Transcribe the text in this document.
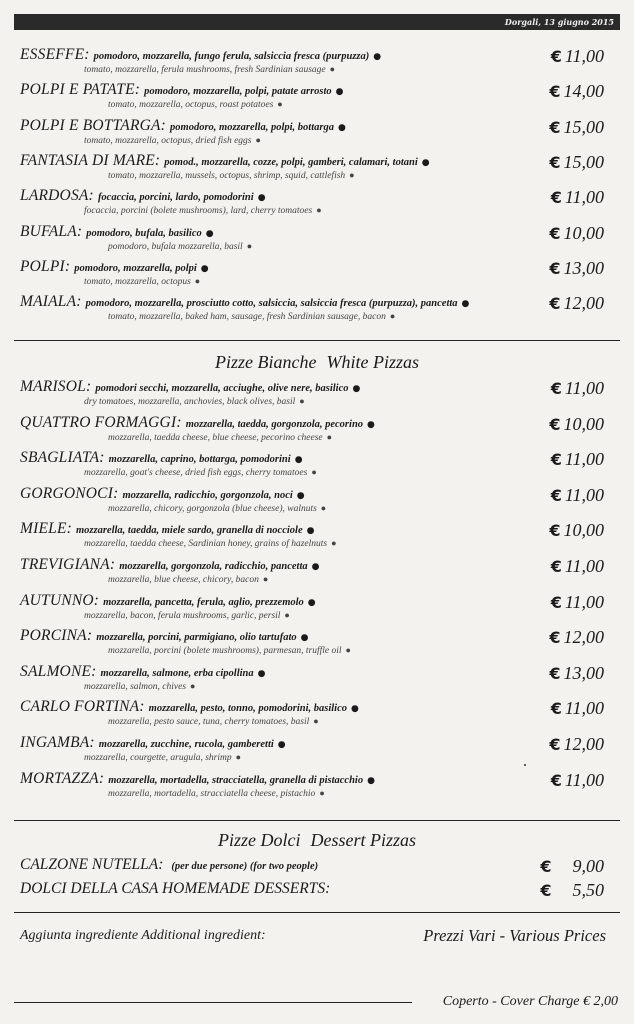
Dorgali, 13 giugno 2015
ESSEFFE: pomodoro, mozzarella, fungo ferula, salsiccia fresca (purpuzza) ●
tomato, mozzarella, ferula mushrooms, fresh Sardinian sausage ●
€ 11,00
POLPI E PATATE: pomodoro, mozzarella, polpi, patate arrosto ●
tomato, mozzarella, octopus, roast potatoes ●
€ 14,00
POLPI E BOTTARGA: pomodoro, mozzarella, polpi, bottarga ●
tomato, mozzarella, octopus, dried fish eggs ●
€ 15,00
FANTASIA DI MARE: pomod., mozzarella, cozze, polpi, gamberi, calamari, totani ●
tomato, mozzarella, mussels, octopus, shrimp, squid, cattlefish ●
€ 15,00
LARDOSA: focaccia, porcini, lardo, pomodorini ●
focaccia, porcini (bolete mushrooms), lard, cherry tomatoes ●
€ 11,00
BUFALA: pomodoro, bufala, basilico ●
pomodoro, bufala mozzarella, basil ●
€ 10,00
POLPI: pomodoro, mozzarella, polpi ●
tomato, mozzarella, octopus ●
€ 13,00
MAIALA: pomodoro, mozzarella, prosciutto cotto, salsiccia, salsiccia fresca (purpuzza), pancetta ●
tomato, mozzarella, baked ham, sausage, fresh Sardinian sausage, bacon ●
€ 12,00
Pizze Bianche White Pizzas
MARISOL: pomodori secchi, mozzarella, acciughe, olive nere, basilico ●
dry tomatoes, mozzarella, anchovies, black olives, basil ●
€ 11,00
QUATTRO FORMAGGI: mozzarella, taedda, gorgonzola, pecorino ●
mozzarella, taedda cheese, blue cheese, pecorino cheese ●
€ 10,00
SBAGLIATA: mozzarella, caprino, bottarga, pomodorini ●
mozzarella, goat's cheese, dried fish eggs, cherry tomatoes ●
€ 11,00
GORGONOCI: mozzarella, radicchio, gorgonzola, noci ●
mozzarella, chicory, gorgonzola (blue cheese), walnuts ●
€ 11,00
MIELE: mozzarella, taedda, miele sardo, granella di nocciole ●
mozzarella, taedda cheese, Sardinian honey, grains of hazelnuts ●
€ 10,00
TREVIGIANA: mozzarella, gorgonzola, radicchio, pancetta ●
mozzarella, blue cheese, chicory, bacon ●
€ 11,00
AUTUNNO: mozzarella, pancetta, ferula, aglio, prezzemolo ●
mozzarella, bacon, ferula mushrooms, garlic, persil ●
€ 11,00
PORCINA: mozzarella, porcini, parmigiano, olio tartufato ●
mozzarella, porcini (bolete mushrooms), parmesan, truffle oil ●
€ 12,00
SALMONE: mozzarella, salmone, erba cipollina ●
mozzarella, salmon, chives ●
€ 13,00
CARLO FORTINA: mozzarella, pesto, tonno, pomodorini, basilico ●
mozzarella, pesto sauce, tuna, cherry tomatoes, basil ●
€ 11,00
INGAMBA: mozzarella, zucchine, rucola, gamberetti ●
mozzarella, courgette, arugula, shrimp ●
€ 12,00
MORTAZZA: mozzarella, mortadella, stracciatella, granella di pistacchio ●
mozzarella, mortadella, stracciatella cheese, pistachio ●
€ 11,00
Pizze Dolci Dessert Pizzas
CALZONE NUTELLA: (per due persone) (for two people)	€ 9,00
DOLCI DELLA CASA HOMEMADE DESSERTS:	€ 5,50
Aggiunta ingrediente Additional ingredient:	Prezzi Vari - Various Prices
Coperto - Cover Charge € 2,00
